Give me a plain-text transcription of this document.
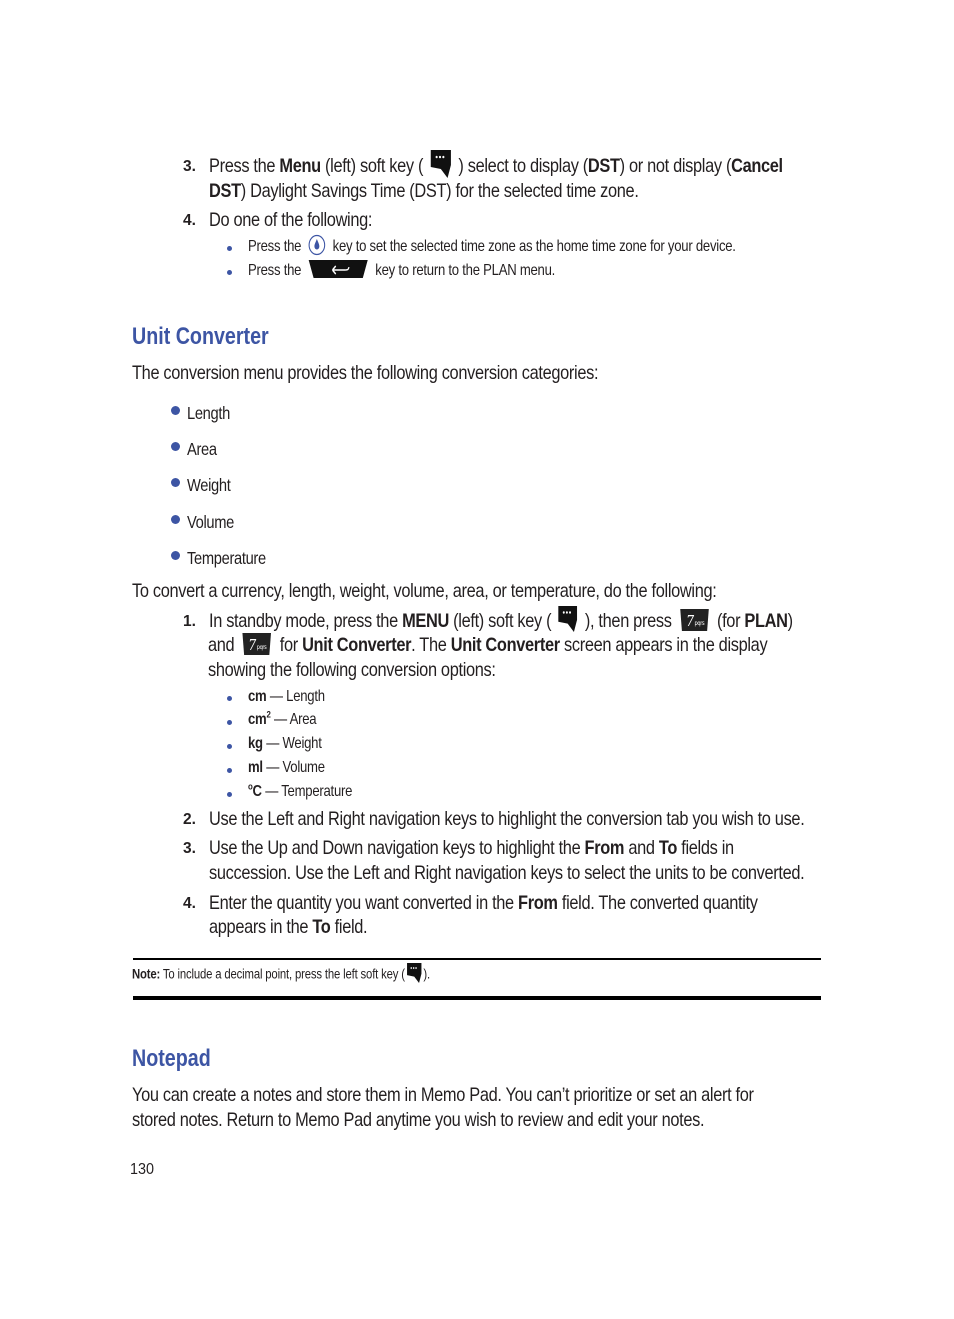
3. Press the Menu (left) soft key ( ) select to display (DST) or not display (Cancel
DST) Daylight Savings Time (DST) for the selected time zone.
4. Do one of the following:
Press the key to set the selected time zone as the home time zone for your device.
Press the	key to return to the PLAN menu.
Unit Converter
The conversion menu provides the following conversion categories:
Length
Area
Weight
Volume
Temperature
To convert a currency, length, weight, volume, area, or temperature, do the following:
1. In standby mode, press the MENU (left) soft key ( ), then press 7 pqrs (for PLAN)
and 7 pqrs for Unit Converter. The Unit Converter screen appears in the display
showing the following conversion options:
cm — Length
$cm^2$ — Area
kg — Weight
ml — Volume
$^o$C — Temperature
2. Use the Left and Right navigation keys to highlight the conversion tab you wish to use.
3. Use the Up and Down navigation keys to highlight the From and To fields in
succession. Use the Left and Right navigation keys to select the units to be converted.
4. Enter the quantity you want converted in the From field. The converted quantity
appears in the To field.
Note: To include a decimal point, press the left soft key ( ).
Notepad
You can create a notes and store them in Memo Pad. You can’t prioritize or set an alert for
stored notes. Return to Memo Pad anytime you wish to review and edit your notes.
130
